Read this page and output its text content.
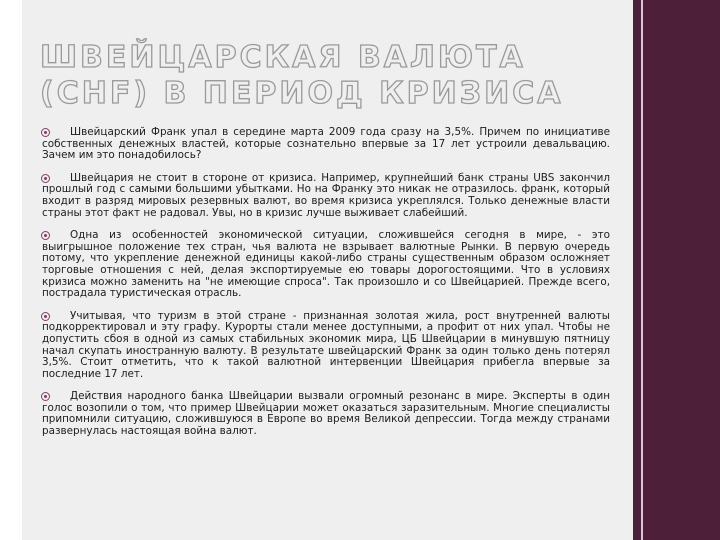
ШВЕЙЦАРСКАЯ ВАЛЮТА (CHF) В ПЕРИОД КРИЗИСА
Швейцарский Франк упал в середине марта 2009 года сразу на 3,5%. Причем по инициативе собственных денежных властей, которые сознательно впервые за 17 лет устроили девальвацию. Зачем им это понадобилось?
Швейцария не стоит в стороне от кризиса. Например, крупнейший банк страны UBS закончил прошлый год с самыми большими убытками. Но на Франку это никак не отразилось. франк, который входит в разряд мировых резервных валют, во время кризиса укреплялся. Только денежные власти страны этот факт не радовал. Увы, но в кризис лучше выживает слабейший.
Одна из особенностей экономической ситуации, сложившейся сегодня в мире, - это выигрышное положение тех стран, чья валюта не взрывает валютные Рынки. В первую очередь потому, что укрепление денежной единицы какой-либо страны существенным образом осложняет торговые отношения с ней, делая экспортируемые ею товары дорогостоящими. Что в условиях кризиса можно заменить на "не имеющие спроса". Так произошло и со Швейцарией. Прежде всего, пострадала туристическая отрасль.
Учитывая, что туризм в этой стране - признанная золотая жила, рост внутренней валюты подкорректировал и эту графу. Курорты стали менее доступными, а профит от них упал. Чтобы не допустить сбоя в одной из самых стабильных экономик мира, ЦБ Швейцарии в минувшую пятницу начал скупать иностранную валюту. В результате швейцарский Франк за один только день потерял 3,5%. Стоит отметить, что к такой валютной интервенции Швейцария прибегла впервые за последние 17 лет.
Действия народного банка Швейцарии вызвали огромный резонанс в мире. Эксперты в один голос возопили о том, что пример Швейцарии может оказаться заразительным. Многие специалисты припомнили ситуацию, сложившуюся в Европе во время Великой депрессии. Тогда между странами развернулась настоящая война валют.
